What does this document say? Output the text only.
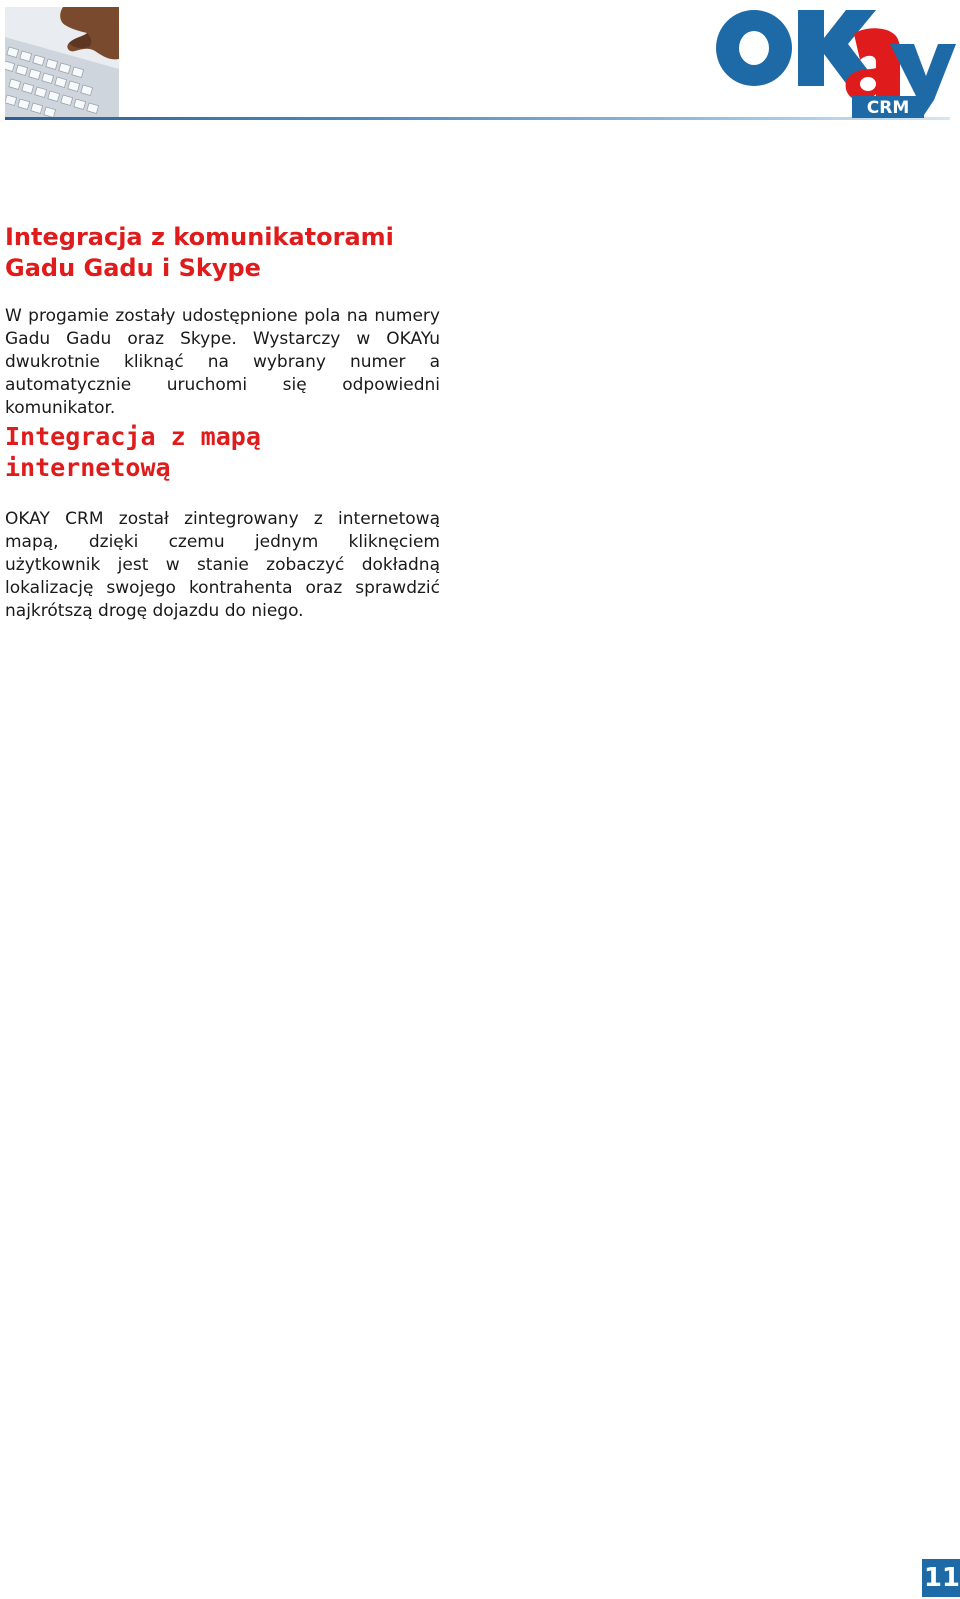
CRM
Integracja z komunikatorami Gadu Gadu i Skype

W progamie zostały udostępnione pola na numery Gadu Gadu oraz Skype. Wystarczy w OKAYu dwukrotnie kliknąć na wybrany numer a automatycznie uruchomi się odpowiedni komunikator.

Integracja z mapą internetową

OKAY CRM został zintegrowany z internetową mapą, dzięki czemu jednym kliknęciem użytkownik jest w stanie zobaczyć dokładną lokalizację swojego kontrahenta oraz sprawdzić najkrótszą drogę dojazdu do niego.

11
